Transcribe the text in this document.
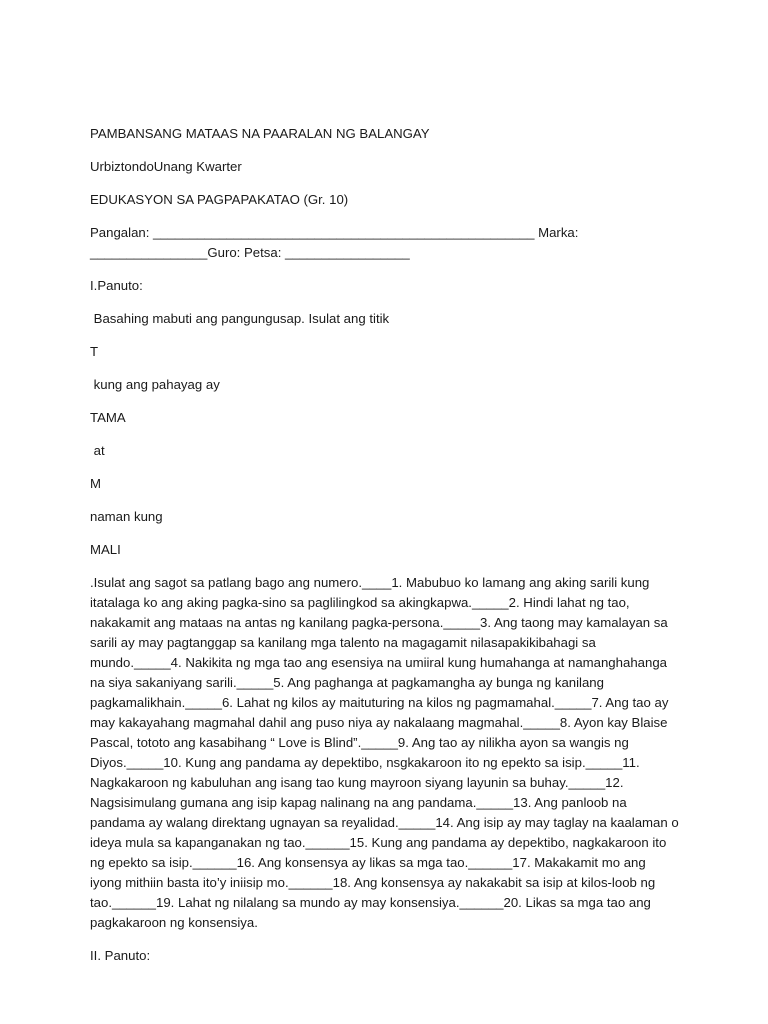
PAMBANSANG MATAAS NA PAARALAN NG BALANGAY

UrbiztondoUnang Kwarter

EDUKASYON SA PAGPAPAKATAO (Gr. 10)

Pangalan: ____________________________________________________ Marka: ________________Guro: Petsa: _________________

I.Panuto:

Basahing mabuti ang pangungusap. Isulat ang titik

T

kung ang pahayag ay

TAMA

at

M

naman kung

MALI

.Isulat ang sagot sa patlang bago ang numero.____1. Mabubuo ko lamang ang aking sarili kung itatalaga ko ang aking pagka-sino sa paglilingkod sa akingkapwa._____2. Hindi lahat ng tao, nakakamit ang mataas na antas ng kanilang pagka-persona._____3. Ang taong may kamalayan sa sarili ay may pagtanggap sa kanilang mga talento na magagamit nilasapakikibahagi sa mundo._____4. Nakikita ng mga tao ang esensiya na umiiral kung humahanga at namanghahanga na siya sakaniyang sarili._____5. Ang paghanga at pagkamangha ay bunga ng kanilang pagkamalikhain._____6. Lahat ng kilos ay maituturing na kilos ng pagmamahal._____7. Ang tao ay may kakayahang magmahal dahil ang puso niya ay nakalaang magmahal._____8. Ayon kay Blaise Pascal, tototo ang kasabihang “ Love is Blind”._____9. Ang tao ay nilikha ayon sa wangis ng Diyos._____10. Kung ang pandama ay depektibo, nsgkakaroon ito ng epekto sa isip._____11. Nagkakaroon ng kabuluhan ang isang tao kung mayroon siyang layunin sa buhay._____12. Nagsisimulang gumana ang isip kapag nalinang na ang pandama._____13. Ang panloob na pandama ay walang direktang ugnayan sa reyalidad._____14. Ang isip ay may taglay na kaalaman o ideya mula sa kapanganakan ng tao.______15. Kung ang pandama ay depektibo, nagkakaroon ito ng epekto sa isip.______16. Ang konsensya ay likas sa mga tao.______17. Makakamit mo ang iyong mithiin basta ito’y iniisip mo.______18. Ang konsensya ay nakakabit sa isip at kilos-loob ng tao.______19. Lahat ng nilalang sa mundo ay may konsensiya.______20. Likas sa mga tao ang pagkakaroon ng konsensiya.

II. Panuto:
